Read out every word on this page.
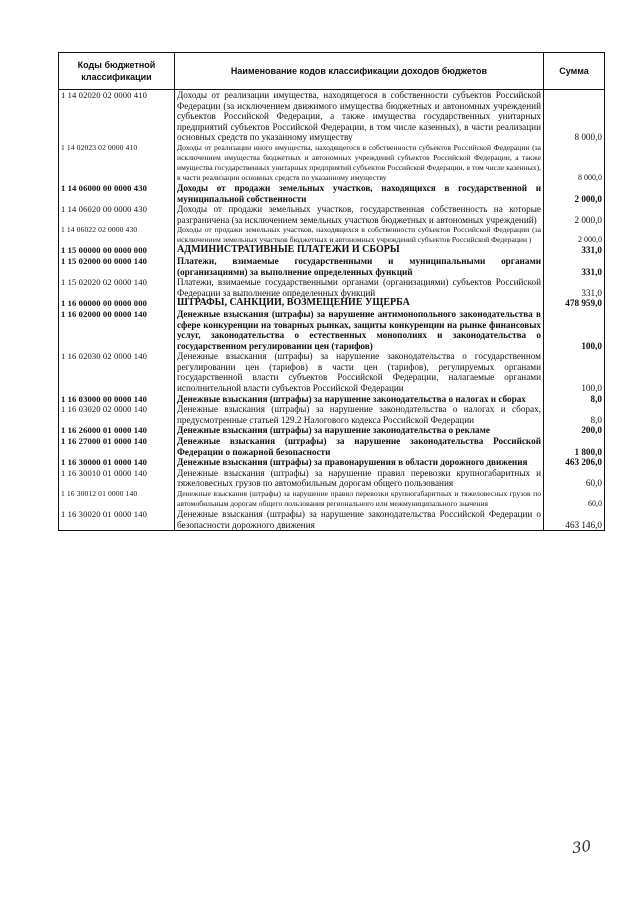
Коды бюджетной классификации	Наименование кодов классификации доходов бюджетов	Сумма
1 14 02020 02 0000 410	Доходы от реализации имущества, находящегося в собственности субъектов Российской Федерации (за исключением движимого имущества бюджетных и автономных учреждений субъектов Российской Федерации, а также имущества государственных унитарных предприятий субъектов Российской Федерации, в том числе казенных), в части реализации основных средств по указанному имуществу	8 000,0
1 14 02023 02 0000 410	Доходы от реализации иного имущества, находящегося в собственности субъектов Российской Федерации (за исключением имущества бюджетных и автономных учреждений субъектов Российской Федерации, а также имущества государственных унитарных предприятий субъектов Российской Федерации, в том числе казенных), в части реализации основных средств по указанному имуществу	8 000,0
1 14 06000 00 0000 430	Доходы от продажи земельных участков, находящихся в государственной и муниципальной собственности	2 000,0
1 14 06020 00 0000 430	Доходы от продажи земельных участков, государственная собственность на которые разграничена (за исключением земельных участков бюджетных и автономных учреждений)	2 000,0
1 14 06022 02 0000 430	Доходы от продажи земельных участков, находящихся в собственности субъектов Российской Федерации (за исключением земельных участков бюджетных и автономных учреждений субъектов Российской Федерации )	2 000,0
1 15 00000 00 0000 000	АДМИНИСТРАТИВНЫЕ ПЛАТЕЖИ И СБОРЫ	331,0
1 15 02000 00 0000 140	Платежи, взимаемые государственными и муниципальными органами (организациями) за выполнение определенных функций	331,0
1 15 02020 02 0000 140	Платежи, взимаемые государственными органами (организациями) субъектов Российской Федерации за выполнение определенных функций	331,0
1 16 00000 00 0000 000	ШТРАФЫ, САНКЦИИ, ВОЗМЕЩЕНИЕ УЩЕРБА	478 959,0
1 16 02000 00 0000 140	Денежные взыскания (штрафы) за нарушение антимонопольного законодательства в сфере конкуренции на товарных рынках, защиты конкуренции на рынке финансовых услуг, законодательства о естественных монополиях и законодательства о государственном регулировании цен (тарифов)	100,0
1 16 02030 02 0000 140	Денежные взыскания (штрафы) за нарушение законодательства о государственном регулировании цен (тарифов) в части цен (тарифов), регулируемых органами государственной власти субъектов Российской Федерации, налагаемые органами исполнительной власти субъектов Российской Федерации	100,0
1 16 03000 00 0000 140	Денежные взыскания (штрафы) за нарушение законодательства о налогах и сборах	8,0
1 16 03020 02 0000 140	Денежные взыскания (штрафы) за нарушение законодательства о налогах и сборах, предусмотренные статьей 129.2 Налогового кодекса Российской Федерации	8,0
1 16 26000 01 0000 140	Денежные взыскания (штрафы) за нарушение законодательства о рекламе	200,0
1 16 27000 01 0000 140	Денежные взыскания (штрафы) за нарушение законодательства Российской Федерации о пожарной безопасности	1 800,0
1 16 30000 01 0000 140	Денежные взыскания (штрафы) за правонарушения в области дорожного движения	463 206,0
1 16 30010 01 0000 140	Денежные взыскания (штрафы) за нарушение правил перевозки крупногабаритных и тяжеловесных грузов по автомобильным дорогам общего пользования	60,0
1 16 30012 01 0000 140	Денежные взыскания (штрафы) за нарушение правил перевозки крупногабаритных и тяжеловесных грузов по автомобильным дорогам общего пользования регионального или межмуниципального значения	60,0
1 16 30020 01 0000 140	Денежные взыскания (штрафы) за нарушение законодательства Российской Федерации о безопасности дорожного движения	463 146,0
30
